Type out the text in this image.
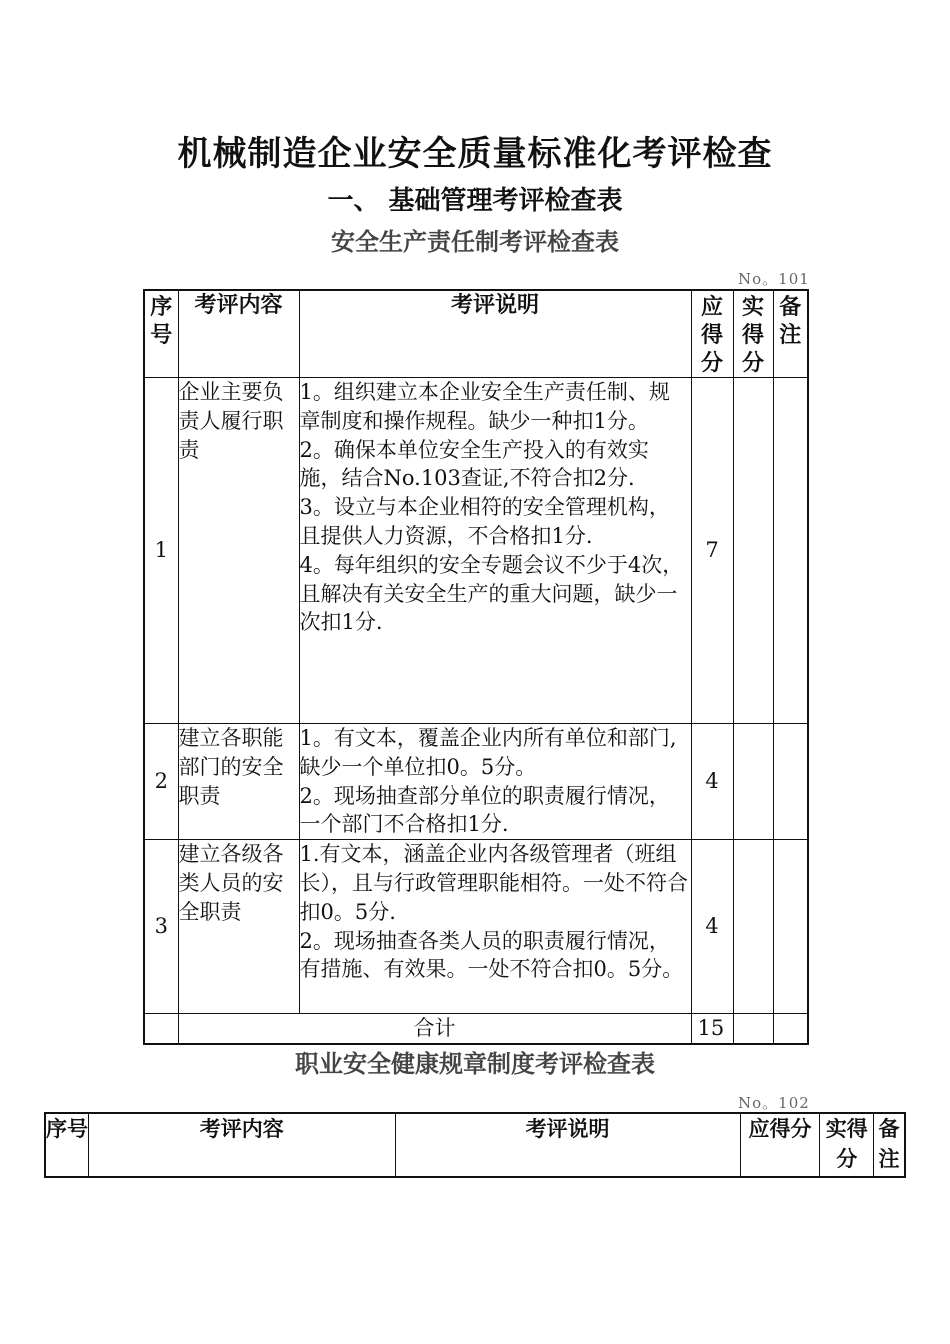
机械制造企业安全质量标准化考评检查
一、 基础管理考评检查表
安全生产责任制考评检查表
No。101
序号	考评内容	考评说明	应得分	实得分	备注
1	企业主要负责人履行职责	1。组织建立本企业安全生产责任制、规章制度和操作规程。缺少一种扣1分。
2。确保本单位安全生产投入的有效实施，结合No.103查证,不符合扣2分.
3。设立与本企业相符的安全管理机构，且提供人力资源，不合格扣1分.
4。每年组织的安全专题会议不少于4次，且解决有关安全生产的重大问题，缺少一次扣1分.	7		
2	建立各职能部门的安全职责	1。有文本，覆盖企业内所有单位和部门,缺少一个单位扣0。5分。
2。现场抽查部分单位的职责履行情况，一个部门不合格扣1分.	4		
3	建立各级各类人员的安全职责	1.有文本，涵盖企业内各级管理者（班组长），且与行政管理职能相符。一处不符合扣0。5分.
2。现场抽查各类人员的职责履行情况，有措施、有效果。一处不符合扣0。5分。	4		
	合计		15		
职业安全健康规章制度考评检查表
No。102
序号	考评内容	考评说明	应得分	实得分	备注
